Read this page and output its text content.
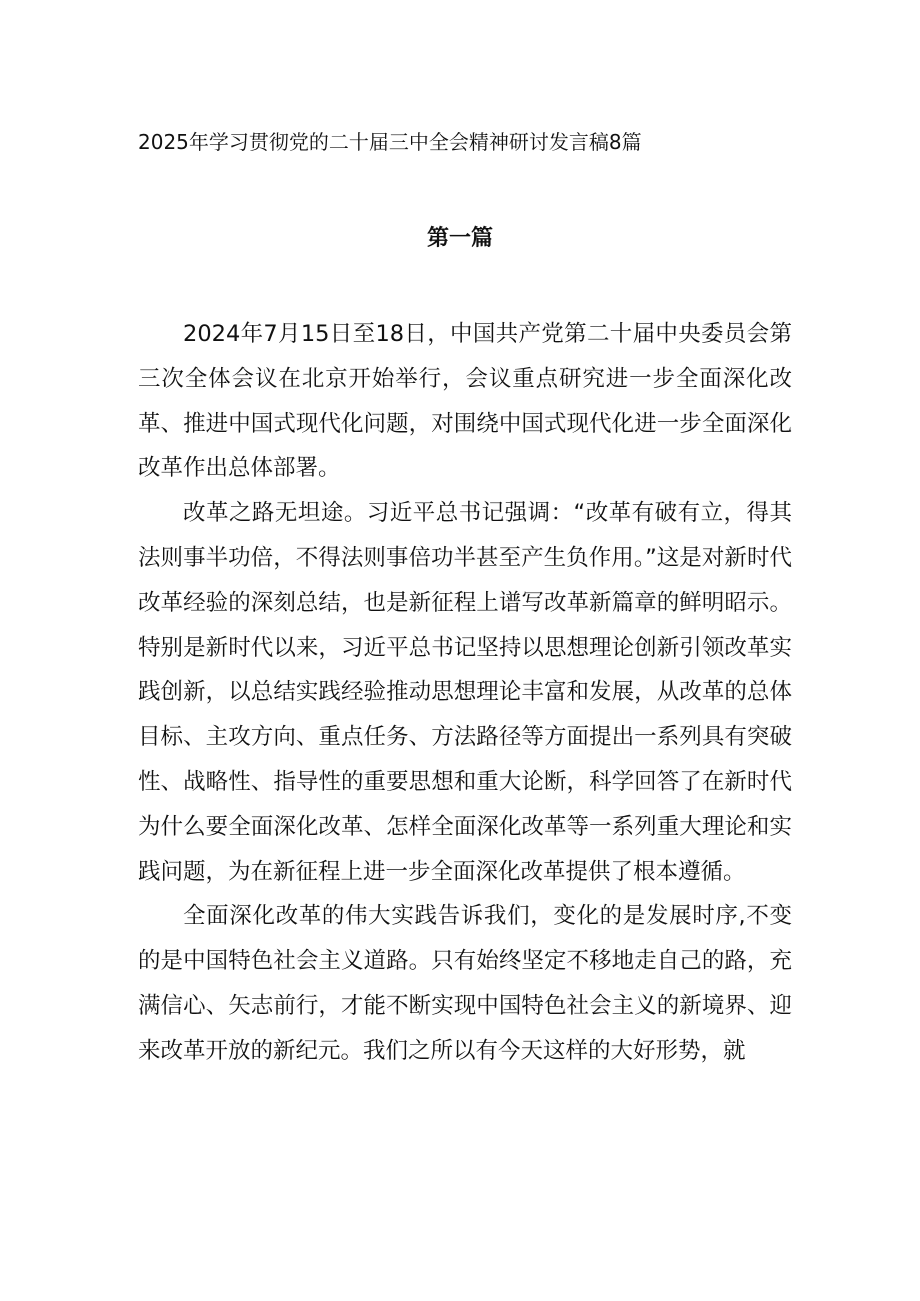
2025年学习贯彻党的二十届三中全会精神研讨发言稿8篇
第一篇

2024年7月15日至18日，中国共产党第二十届中央委员会第三次全体会议在北京开始举行，会议重点研究进一步全面深化改革、推进中国式现代化问题，对围绕中国式现代化进一步全面深化改革作出总体部署。

改革之路无坦途。习近平总书记强调：“改革有破有立，得其法则事半功倍，不得法则事倍功半甚至产生负作用。”这是对新时代改革经验的深刻总结，也是新征程上谱写改革新篇章的鲜明昭示。特别是新时代以来，习近平总书记坚持以思想理论创新引领改革实践创新，以总结实践经验推动思想理论丰富和发展，从改革的总体目标、主攻方向、重点任务、方法路径等方面提出一系列具有突破性、战略性、指导性的重要思想和重大论断，科学回答了在新时代为什么要全面深化改革、怎样全面深化改革等一系列重大理论和实践问题，为在新征程上进一步全面深化改革提供了根本遵循。

全面深化改革的伟大实践告诉我们，变化的是发展时序,不变的是中国特色社会主义道路。只有始终坚定不移地走自己的路，充满信心、矢志前行，才能不断实现中国特色社会主义的新境界、迎来改革开放的新纪元。我们之所以有今天这样的大好形势，就
